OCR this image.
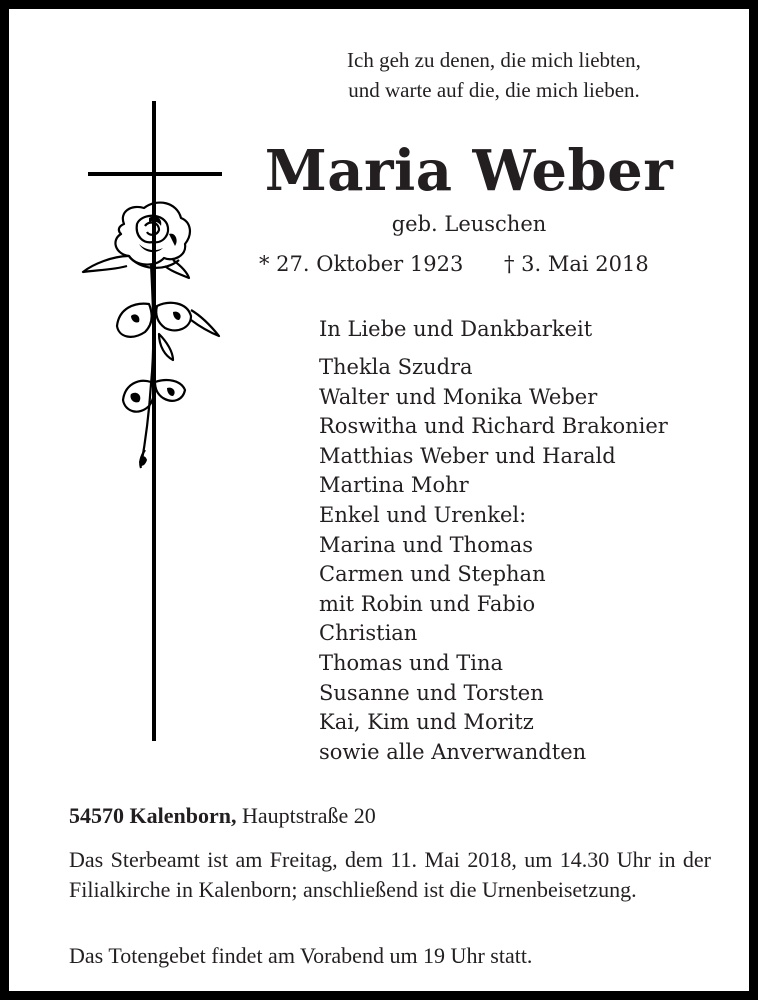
Ich geh zu denen, die mich liebten,
und warte auf die, die mich lieben.
Maria Weber
geb. Leuschen
* 27. Oktober 1923 † 3. Mai 2018
In Liebe und Dankbarkeit
Thekla Szudra
Walter und Monika Weber
Roswitha und Richard Brakonier
Matthias Weber und Harald
Martina Mohr
Enkel und Urenkel:
Marina und Thomas
Carmen und Stephan
mit Robin und Fabio
Christian
Thomas und Tina
Susanne und Torsten
Kai, Kim und Moritz
sowie alle Anverwandten
54570 Kalenborn, Hauptstraße 20
Das Sterbeamt ist am Freitag, dem 11. Mai 2018, um 14.30 Uhr in der Filialkirche in Kalenborn; anschließend ist die Urnenbeisetzung.
Das Totengebet findet am Vorabend um 19 Uhr statt.
